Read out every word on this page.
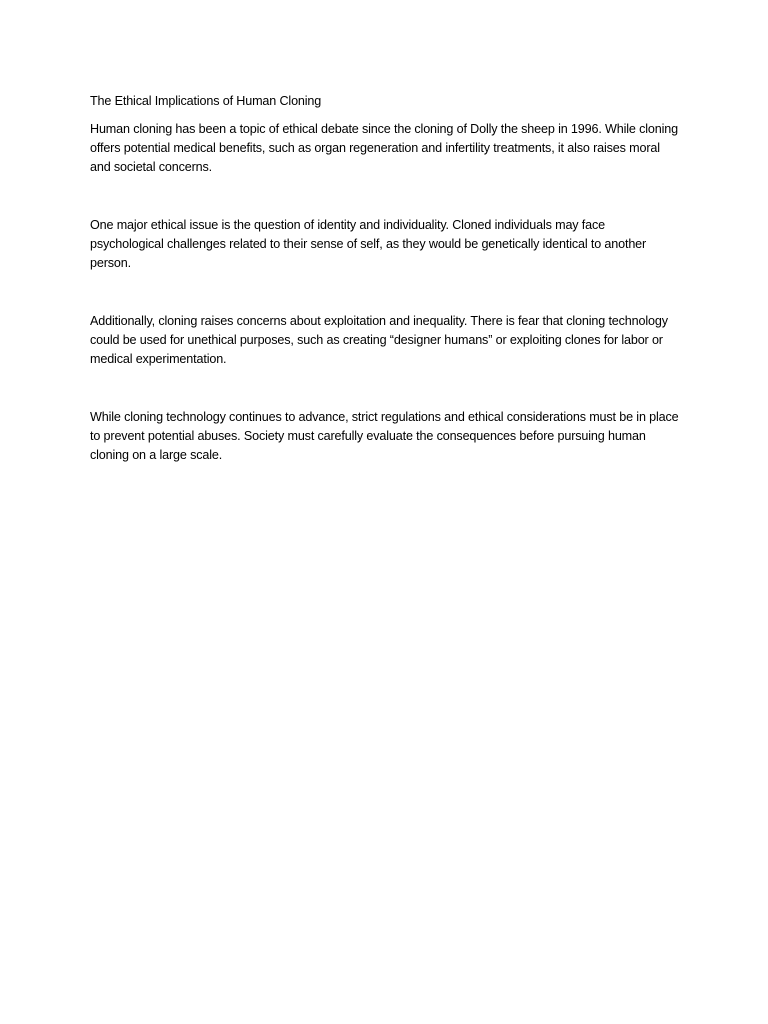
The Ethical Implications of Human Cloning

Human cloning has been a topic of ethical debate since the cloning of Dolly the sheep in 1996. While cloning offers potential medical benefits, such as organ regeneration and infertility treatments, it also raises moral and societal concerns.

One major ethical issue is the question of identity and individuality. Cloned individuals may face psychological challenges related to their sense of self, as they would be genetically identical to another person.

Additionally, cloning raises concerns about exploitation and inequality. There is fear that cloning technology could be used for unethical purposes, such as creating “designer humans” or exploiting clones for labor or medical experimentation.

While cloning technology continues to advance, strict regulations and ethical considerations must be in place to prevent potential abuses. Society must carefully evaluate the consequences before pursuing human cloning on a large scale.
